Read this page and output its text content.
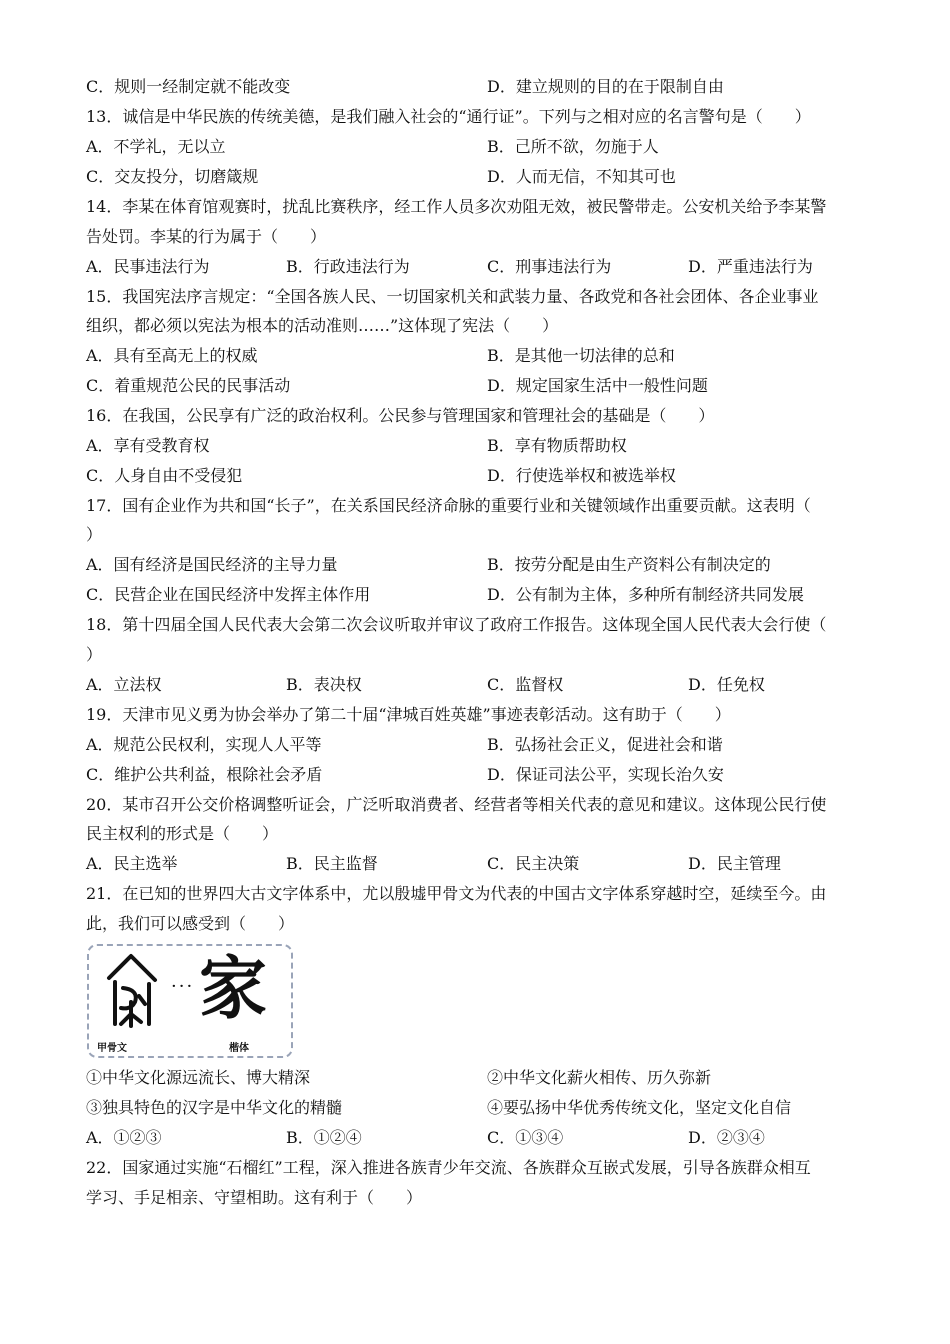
C．规则一经制定就不能改变	D．建立规则的目的在于限制自由
13．诚信是中华民族的传统美德，是我们融入社会的“通行证”。下列与之相对应的名言警句是（　　）
A．不学礼，无以立	B．己所不欲，勿施于人
C．交友投分，切磨箴规	D．人而无信，不知其可也
14．李某在体育馆观赛时，扰乱比赛秩序，经工作人员多次劝阻无效，被民警带走。公安机关给予李某警
告处罚。李某的行为属于（　　）
A．民事违法行为	B．行政违法行为	C．刑事违法行为	D．严重违法行为
15．我国宪法序言规定：“全国各族人民、一切国家机关和武装力量、各政党和各社会团体、各企业事业
组织，都必须以宪法为根本的活动准则……”这体现了宪法（　　）
A．具有至高无上的权威	B．是其他一切法律的总和
C．着重规范公民的民事活动	D．规定国家生活中一般性问题
16．在我国，公民享有广泛的政治权利。公民参与管理国家和管理社会的基础是（　　）
A．享有受教育权	B．享有物质帮助权
C．人身自由不受侵犯	D．行使选举权和被选举权
17．国有企业作为共和国“长子”，在关系国民经济命脉的重要行业和关键领域作出重要贡献。这表明（
）
A．国有经济是国民经济的主导力量	B．按劳分配是由生产资料公有制决定的
C．民营企业在国民经济中发挥主体作用	D．公有制为主体，多种所有制经济共同发展
18．第十四届全国人民代表大会第二次会议听取并审议了政府工作报告。这体现全国人民代表大会行使（
）
A．立法权	B．表决权	C．监督权	D．任免权
19．天津市见义勇为协会举办了第二十届“津城百姓英雄”事迹表彰活动。这有助于（　　）
A．规范公民权利，实现人人平等	B．弘扬社会正义，促进社会和谐
C．维护公共利益，根除社会矛盾	D．保证司法公平，实现长治久安
20．某市召开公交价格调整听证会，广泛听取消费者、经营者等相关代表的意见和建议。这体现公民行使
民主权利的形式是（　　）
A．民主选举	B．民主监督	C．民主决策	D．民主管理
21．在已知的世界四大古文字体系中，尤以殷墟甲骨文为代表的中国古文字体系穿越时空，延续至今。由
此，我们可以感受到（　　）
··· 家
甲骨文	楷体
①中华文化源远流长、博大精深	②中华文化薪火相传、历久弥新
③独具特色的汉字是中华文化的精髓	④要弘扬中华优秀传统文化，坚定文化自信
A．①②③	B．①②④	C．①③④	D．②③④
22．国家通过实施“石榴红”工程，深入推进各族青少年交流、各族群众互嵌式发展，引导各族群众相互
学习、手足相亲、守望相助。这有利于（　　）
